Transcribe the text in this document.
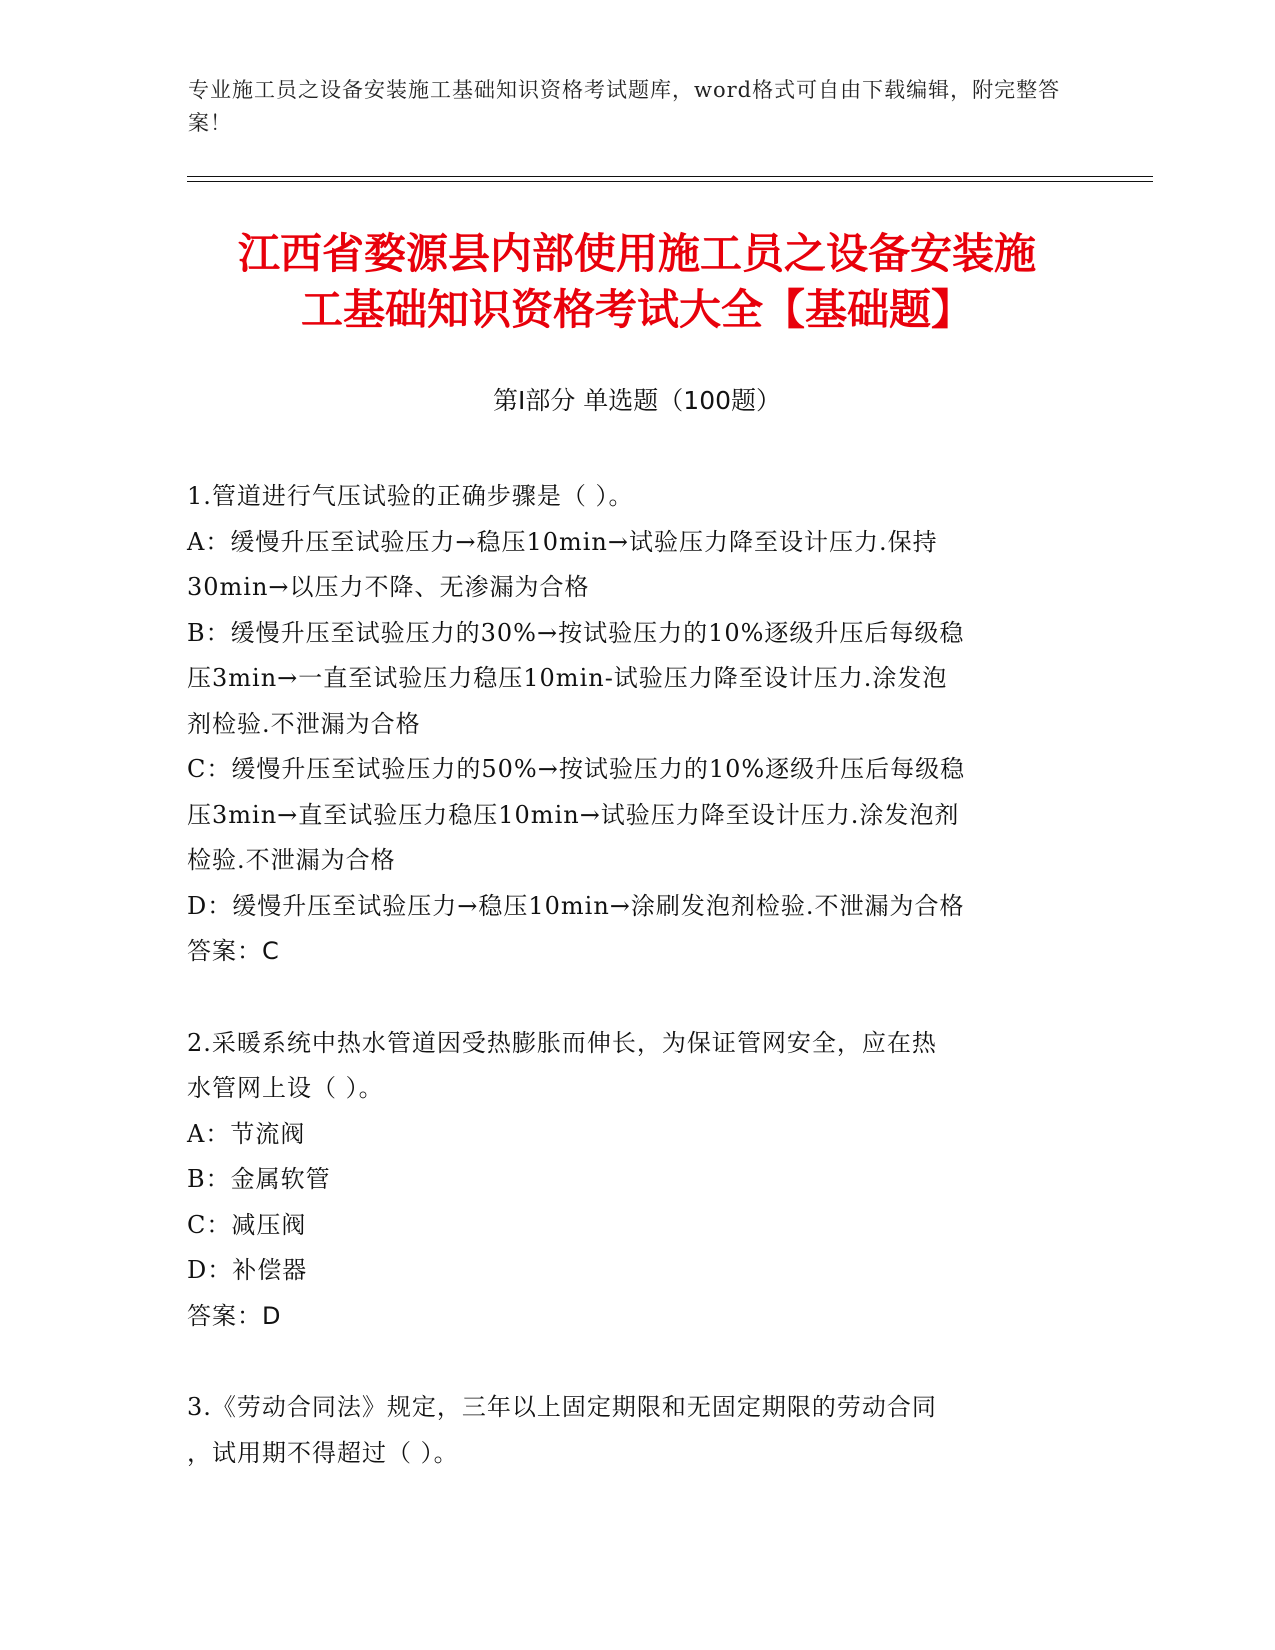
专业施工员之设备安装施工基础知识资格考试题库，word格式可自由下载编辑，附完整答案！
江西省婺源县内部使用施工员之设备安装施
工基础知识资格考试大全【基础题】
第Ⅰ部分 单选题（100题）
1.管道进行气压试验的正确步骤是（ ）。
A：缓慢升压至试验压力→稳压10min→试验压力降至设计压力.保持
30min→以压力不降、无渗漏为合格
B：缓慢升压至试验压力的30%→按试验压力的10%逐级升压后每级稳
压3min→一直至试验压力稳压10min-试验压力降至设计压力.涂发泡
剂检验.不泄漏为合格
C：缓慢升压至试验压力的50%→按试验压力的10%逐级升压后每级稳
压3min→直至试验压力稳压10min→试验压力降至设计压力.涂发泡剂
检验.不泄漏为合格
D：缓慢升压至试验压力→稳压10min→涂刷发泡剂检验.不泄漏为合格
答案：C
2.采暖系统中热水管道因受热膨胀而伸长，为保证管网安全，应在热
水管网上设（ ）。
A：节流阀
B：金属软管
C：减压阀
D：补偿器
答案：D
3.《劳动合同法》规定，三年以上固定期限和无固定期限的劳动合同
，试用期不得超过（ ）。
